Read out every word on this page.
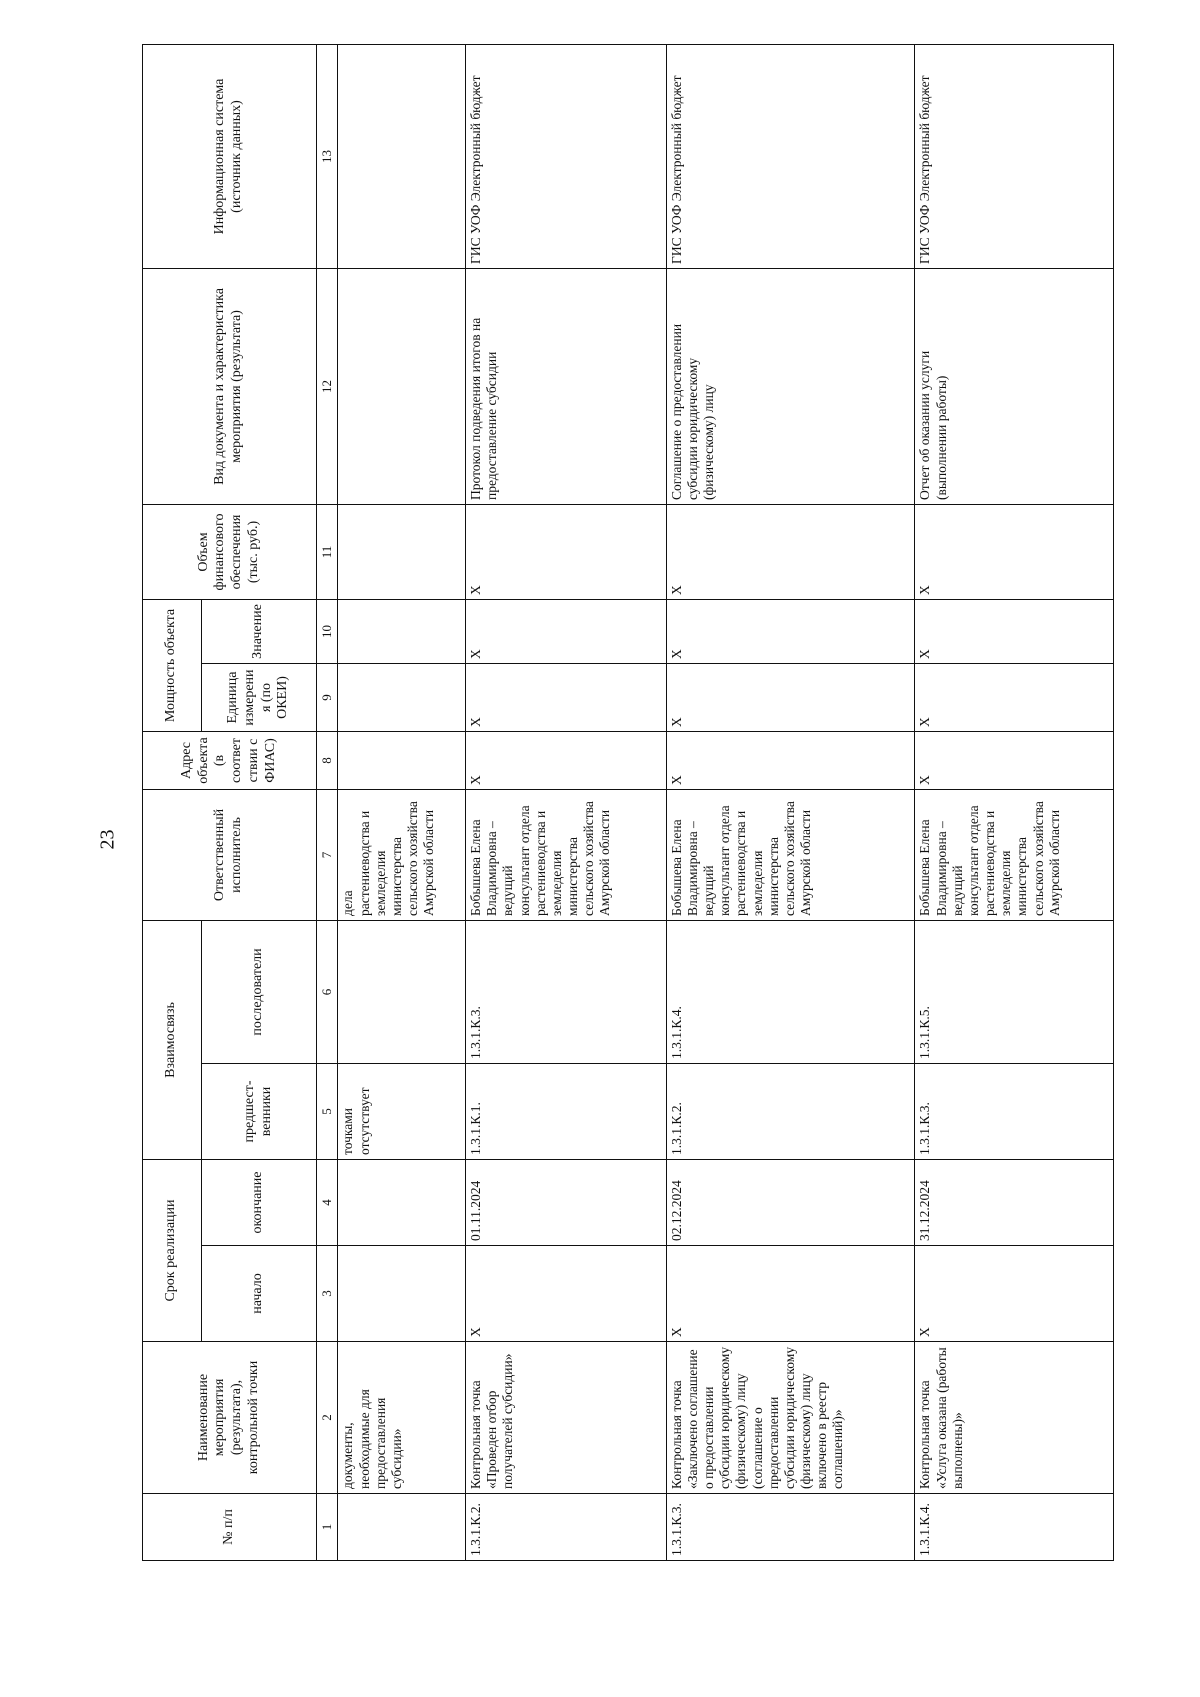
23
№ п/п	Наименование мероприятия (результата), контрольной точки	Срок реализации		Взаимосвязь		Ответственный исполнитель	Адрес объекта (в соответствии с ФИАС)	Мощность объекта		Объем финансового обеспечения (тыс. руб.)	Вид документа и характеристика мероприятия (результата)	Информационная система (источник данных)
		начало	окончание	предшест-венники	последователи			Единица измерения (по ОКЕИ)	Значение			
1	2	3	4	5	6	7	8	9	10	11	12	13
	документы, необходимые для предоставления субсидии»			точками отсутствует		дела растениеводства и земледелия министерства сельского хозяйства Амурской области						
1.3.1.К.2.	Контрольная точка «Проведен отбор получателей субсидии»	Х	01.11.2024	1.3.1.К.1.	1.3.1.К.3.	Бобышева Елена Владимировна –ведущий консультант отдела растениеводства и земледелия министерства сельского хозяйства Амурской области	Х	Х	Х	Х	Протокол подведения итогов на предоставление субсидии	ГИС УОФ Электронный бюджет
1.3.1.К.3.	Контрольная точка «Заключено соглашение о предоставлении субсидии юридическому (физическому) лицу (соглашение о предоставлении субсидии юридическому (физическому) лицу включено в реестр соглашений)»	Х	02.12.2024	1.3.1.К.2.	1.3.1.К.4.	Бобышева Елена Владимировна –ведущий консультант отдела растениеводства и земледелия министерства сельского хозяйства Амурской области	Х	Х	Х	Х	Соглашение о предоставлении субсидии юридическому (физическому) лицу	ГИС УОФ Электронный бюджет
1.3.1.К.4.	Контрольная точка «Услуга оказана (работы выполнены)»	Х	31.12.2024	1.3.1.К.3.	1.3.1.К.5.	Бобышева Елена Владимировна –ведущий консультант отдела растениеводства и земледелия министерства сельского хозяйства Амурской области	Х	Х	Х	Х	Отчет об оказании услуги (выполнении работы)	ГИС УОФ Электронный бюджет
